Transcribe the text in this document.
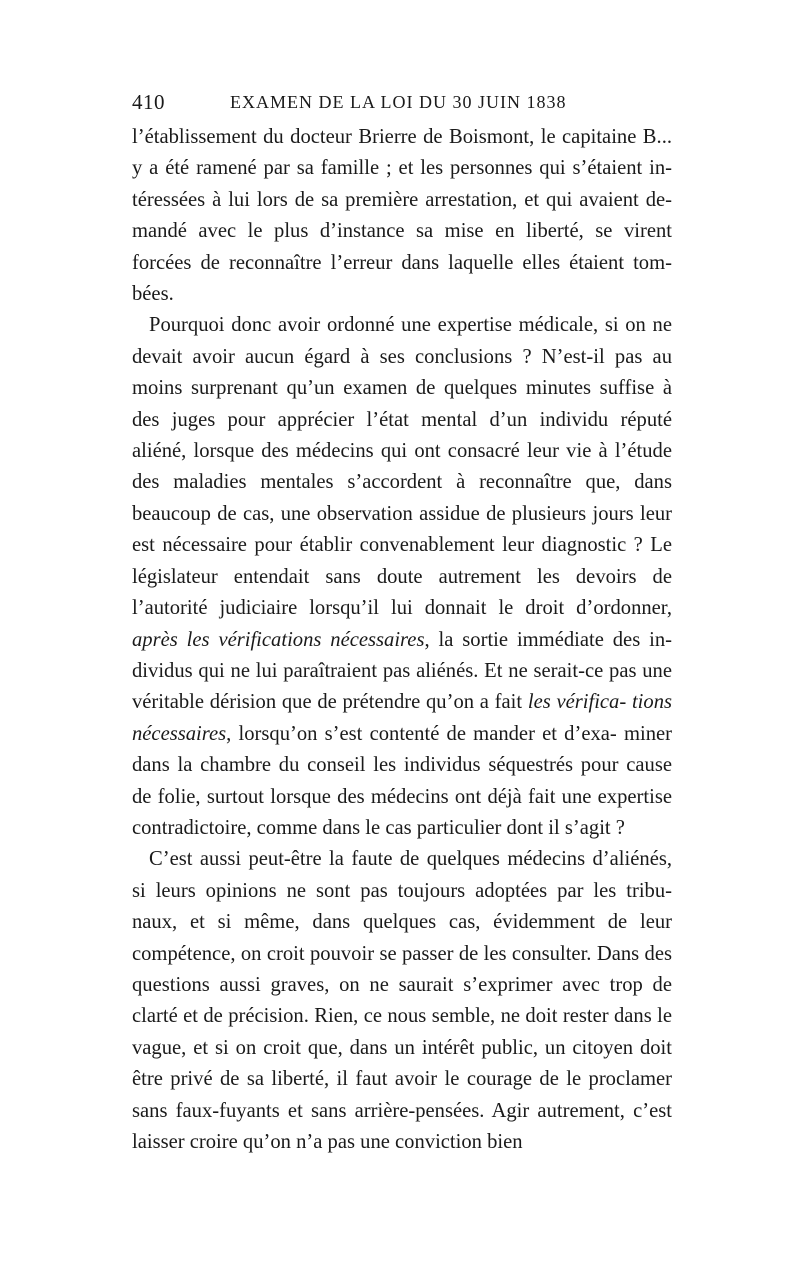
410	EXAMEN DE LA LOI DU 30 JUIN 1838

l’établissement du docteur Brierre de Boismont, le capitaine B... y a été ramené par sa famille ; et les personnes qui s’étaient in- téressées à lui lors de sa première arrestation, et qui avaient de- mandé avec le plus d’instance sa mise en liberté, se virent forcées de reconnaître l’erreur dans laquelle elles étaient tom- bées.

Pourquoi donc avoir ordonné une expertise médicale, si on ne devait avoir aucun égard à ses conclusions ? N’est-il pas au moins surprenant qu’un examen de quelques minutes suffise à des juges pour apprécier l’état mental d’un individu réputé aliéné, lorsque des médecins qui ont consacré leur vie à l’étude des maladies mentales s’accordent à reconnaître que, dans beaucoup de cas, une observation assidue de plusieurs jours leur est nécessaire pour établir convenablement leur diagnostic ? Le législateur entendait sans doute autrement les devoirs de l’autorité judiciaire lorsqu’il lui donnait le droit d’ordonner, après les vérifications nécessaires, la sortie immédiate des in- dividus qui ne lui paraîtraient pas aliénés. Et ne serait-ce pas une véritable dérision que de prétendre qu’on a fait les vérifica- tions nécessaires, lorsqu’on s’est contenté de mander et d’exa- miner dans la chambre du conseil les individus séquestrés pour cause de folie, surtout lorsque des médecins ont déjà fait une expertise contradictoire, comme dans le cas particulier dont il s’agit ?

C’est aussi peut-être la faute de quelques médecins d’aliénés, si leurs opinions ne sont pas toujours adoptées par les tribu- naux, et si même, dans quelques cas, évidemment de leur compétence, on croit pouvoir se passer de les consulter. Dans des questions aussi graves, on ne saurait s’exprimer avec trop de clarté et de précision. Rien, ce nous semble, ne doit rester dans le vague, et si on croit que, dans un intérêt public, un citoyen doit être privé de sa liberté, il faut avoir le courage de le proclamer sans faux-fuyants et sans arrière-pensées. Agir autrement, c’est laisser croire qu’on n’a pas une conviction bien
